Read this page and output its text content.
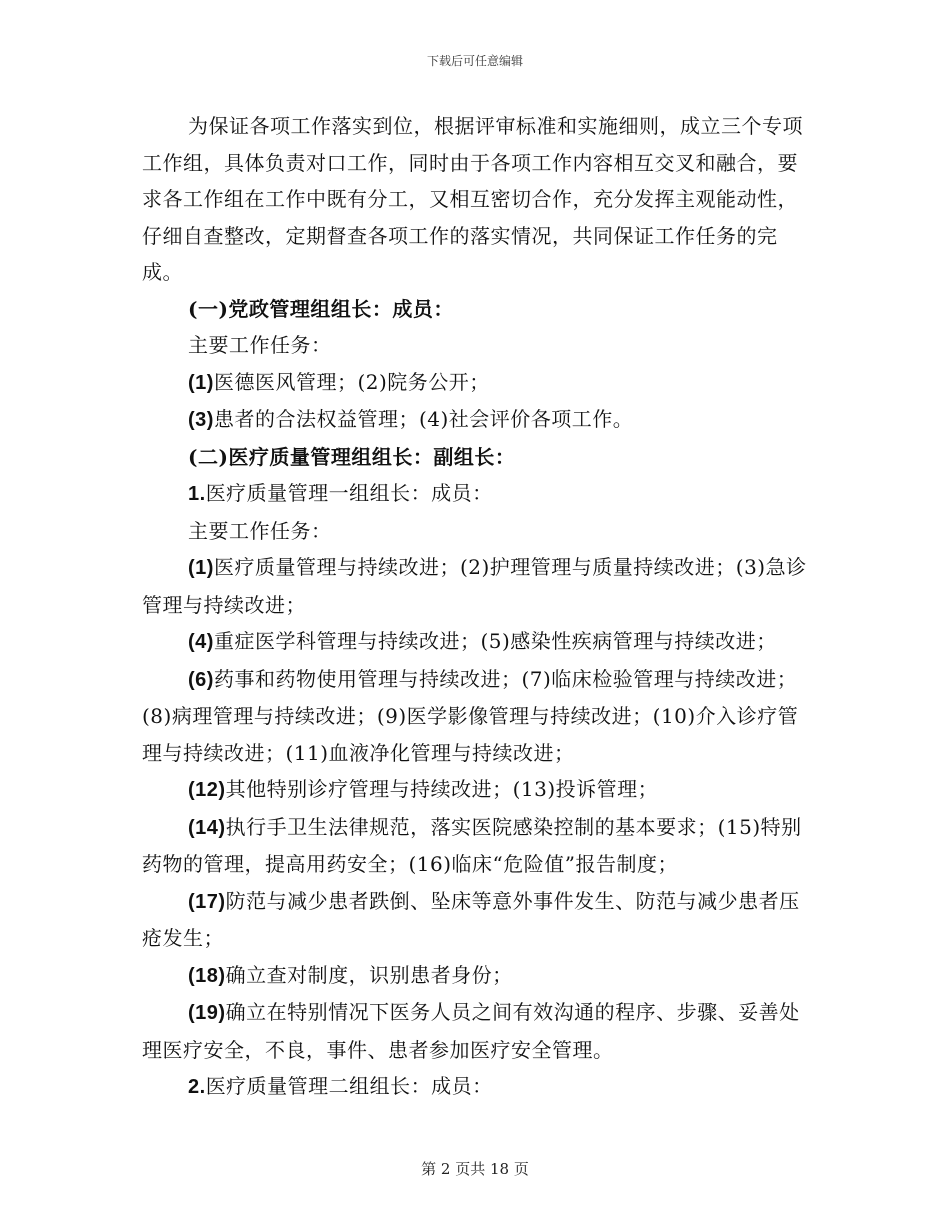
下载后可任意编辑

为保证各项工作落实到位，根据评审标准和实施细则，成立三个专项工作组，具体负责对口工作，同时由于各项工作内容相互交叉和融合，要求各工作组在工作中既有分工，又相互密切合作，充分发挥主观能动性，仔细自查整改，定期督查各项工作的落实情况，共同保证工作任务的完成。

(一)党政管理组组长：成员：

主要工作任务：

(1)医德医风管理；(2)院务公开；

(3)患者的合法权益管理；(4)社会评价各项工作。

(二)医疗质量管理组组长：副组长：

1.医疗质量管理一组组长：成员：

主要工作任务：

(1)医疗质量管理与持续改进；(2)护理管理与质量持续改进；(3)急诊管理与持续改进；

(4)重症医学科管理与持续改进；(5)感染性疾病管理与持续改进；

(6)药事和药物使用管理与持续改进；(7)临床检验管理与持续改进；(8)病理管理与持续改进；(9)医学影像管理与持续改进；(10)介入诊疗管理与持续改进；(11)血液净化管理与持续改进；

(12)其他特别诊疗管理与持续改进；(13)投诉管理；

(14)执行手卫生法律规范，落实医院感染控制的基本要求；(15)特别药物的管理，提高用药安全；(16)临床“危险值”报告制度；

(17)防范与减少患者跌倒、坠床等意外事件发生、防范与减少患者压疮发生；

(18)确立查对制度，识别患者身份；

(19)确立在特别情况下医务人员之间有效沟通的程序、步骤、妥善处理医疗安全，不良，事件、患者参加医疗安全管理。

2.医疗质量管理二组组长：成员：

第 2 页共 18 页
